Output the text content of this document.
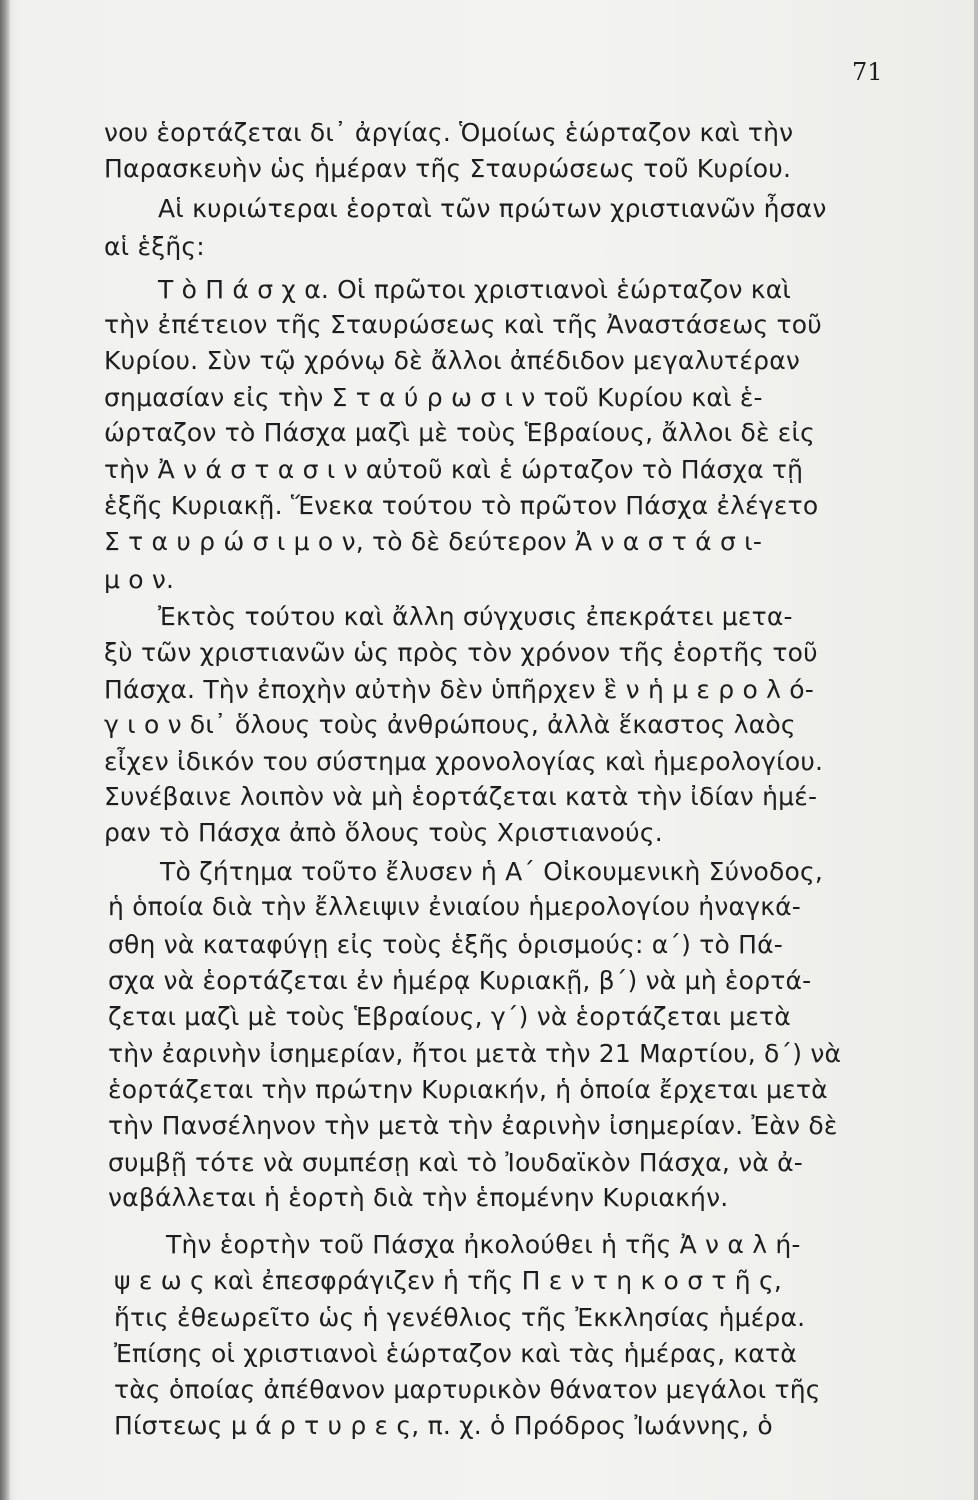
71
νου ἑορτάζεται δι᾽ ἀργίας. Ὁμοίως ἑώρταζον καὶ τὴν
Παρασκευὴν ὡς ἡμέραν τῆς Σταυρώσεως τοῦ Κυρίου.
Αἱ κυριώτεραι ἑορταὶ τῶν πρώτων χριστιανῶν ἦσαν
αἱ ἑξῆς:
Τ ὸ Π ά σ χ α. Οἱ πρῶτοι χριστιανοὶ ἑώρταζον καὶ
τὴν ἐπέτειον τῆς Σταυρώσεως καὶ τῆς Ἀναστάσεως τοῦ
Κυρίου. Σὺν τῷ χρόνῳ δὲ ἄλλοι ἀπέδιδον μεγαλυτέραν
σημασίαν εἰς τὴν Σ τ α ύ ρ ω σ ι ν τοῦ Κυρίου καὶ ἑ-
ώρταζον τὸ Πάσχα μαζὶ μὲ τοὺς Ἑβραίους, ἄλλοι δὲ εἰς
τὴν Ἀ ν ά σ τ α σ ι ν αὐτοῦ καὶ ἑ ώρταζον τὸ Πάσχα τῇ
ἑξῆς Κυριακῇ. Ἕνεκα τούτου τὸ πρῶτον Πάσχα ἐλέγετο
Σ τ α υ ρ ώ σ ι μ ο ν, τὸ δὲ δεύτερον Ἀ ν α σ τ ά σ ι-
μ ο ν.
Ἐκτὸς τούτου καὶ ἄλλη σύγχυσις ἐπεκράτει μετα-
ξὺ τῶν χριστιανῶν ὡς πρὸς τὸν χρόνον τῆς ἑορτῆς τοῦ
Πάσχα. Τὴν ἐποχὴν αὐτὴν δὲν ὑπῆρχεν ἓ ν ἡ μ ε ρ ο λ ό-
γ ι ο ν δι᾽ ὅλους τοὺς ἀνθρώπους, ἀλλὰ ἕκαστος λαὸς
εἶχεν ἰδικόν του σύστημα χρονολογίας καὶ ἡμερολογίου.
Συνέβαινε λοιπὸν νὰ μὴ ἑορτάζεται κατὰ τὴν ἰδίαν ἡμέ-
ραν τὸ Πάσχα ἀπὸ ὅλους τοὺς Χριστιανούς.
Τὸ ζήτημα τοῦτο ἔλυσεν ἡ Α΄ Οἰκουμενικὴ Σύνοδος,
ἡ ὁποία διὰ τὴν ἔλλειψιν ἐνιαίου ἡμερολογίου ἠναγκά-
σθη νὰ καταφύγῃ εἰς τοὺς ἑξῆς ὁρισμούς: α΄) τὸ Πά-
σχα νὰ ἑορτάζεται ἐν ἡμέρᾳ Κυριακῇ, β΄) νὰ μὴ ἑορτά-
ζεται μαζὶ μὲ τοὺς Ἑβραίους, γ΄) νὰ ἑορτάζεται μετὰ
τὴν ἐαρινὴν ἰσημερίαν, ἤτοι μετὰ τὴν 21 Μαρτίου, δ΄) νὰ
ἑορτάζεται τὴν πρώτην Κυριακήν, ἡ ὁποία ἔρχεται μετὰ
τὴν Πανσέληνον τὴν μετὰ τὴν ἐαρινὴν ἰσημερίαν. Ἐὰν δὲ
συμβῇ τότε νὰ συμπέσῃ καὶ τὸ Ἰουδαϊκὸν Πάσχα, νὰ ἀ-
ναβάλλεται ἡ ἑορτὴ διὰ τὴν ἑπομένην Κυριακήν.
Τὴν ἑορτὴν τοῦ Πάσχα ἠκολούθει ἡ τῆς Ἀ ν α λ ή-
ψ ε ω ς καὶ ἐπεσφράγιζεν ἡ τῆς Π ε ν τ η κ ο σ τ ῆ ς,
ἥτις ἐθεωρεῖτο ὡς ἡ γενέθλιος τῆς Ἐκκλησίας ἡμέρα.
Ἐπίσης οἱ χριστιανοὶ ἑώρταζον καὶ τὰς ἡμέρας, κατὰ
τὰς ὁποίας ἀπέθανον μαρτυρικὸν θάνατον μεγάλοι τῆς
Πίστεως μ ά ρ τ υ ρ ε ς, π. χ. ὁ Πρόδρος Ἰωάννης, ὁ
